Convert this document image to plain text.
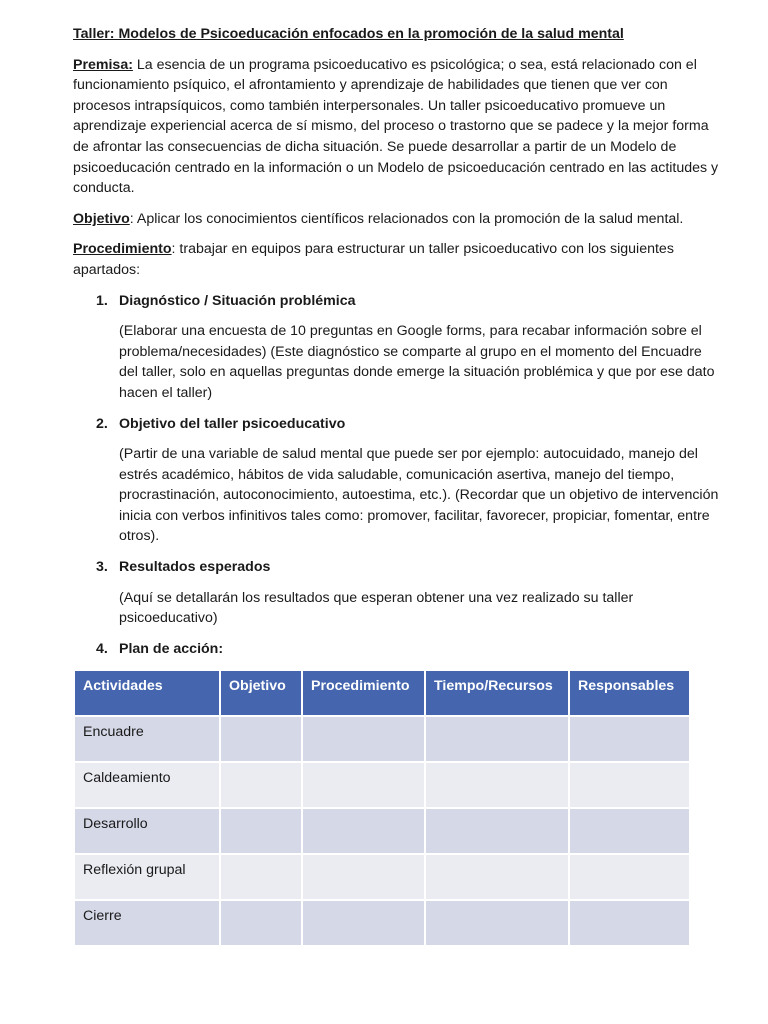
Taller: Modelos de Psicoeducación enfocados en la promoción de la salud mental

Premisa: La esencia de un programa psicoeducativo es psicológica; o sea, está relacionado con el funcionamiento psíquico, el afrontamiento y aprendizaje de habilidades que tienen que ver con procesos intrapsíquicos, como también interpersonales. Un taller psicoeducativo promueve un aprendizaje experiencial acerca de sí mismo, del proceso o trastorno que se padece y la mejor forma de afrontar las consecuencias de dicha situación. Se puede desarrollar a partir de un Modelo de psicoeducación centrado en la información o un Modelo de psicoeducación centrado en las actitudes y conducta.

Objetivo: Aplicar los conocimientos científicos relacionados con la promoción de la salud mental.

Procedimiento: trabajar en equipos para estructurar un taller psicoeducativo con los siguientes apartados:

1. Diagnóstico / Situación problémica
(Elaborar una encuesta de 10 preguntas en Google forms, para recabar información sobre el problema/necesidades) (Este diagnóstico se comparte al grupo en el momento del Encuadre del taller, solo en aquellas preguntas donde emerge la situación problémica y que por ese dato hacen el taller)
2. Objetivo del taller psicoeducativo
(Partir de una variable de salud mental que puede ser por ejemplo: autocuidado, manejo del estrés académico, hábitos de vida saludable, comunicación asertiva, manejo del tiempo, procrastinación, autoconocimiento, autoestima, etc.). (Recordar que un objetivo de intervención inicia con verbos infinitivos tales como: promover, facilitar, favorecer, propiciar, fomentar, entre otros).
3. Resultados esperados
(Aquí se detallarán los resultados que esperan obtener una vez realizado su taller psicoeducativo)
4. Plan de acción:
Actividades	Objetivo	Procedimiento	Tiempo/Recursos	Responsables
Encuadre				
Caldeamiento				
Desarrollo				
Reflexión grupal				
Cierre				
